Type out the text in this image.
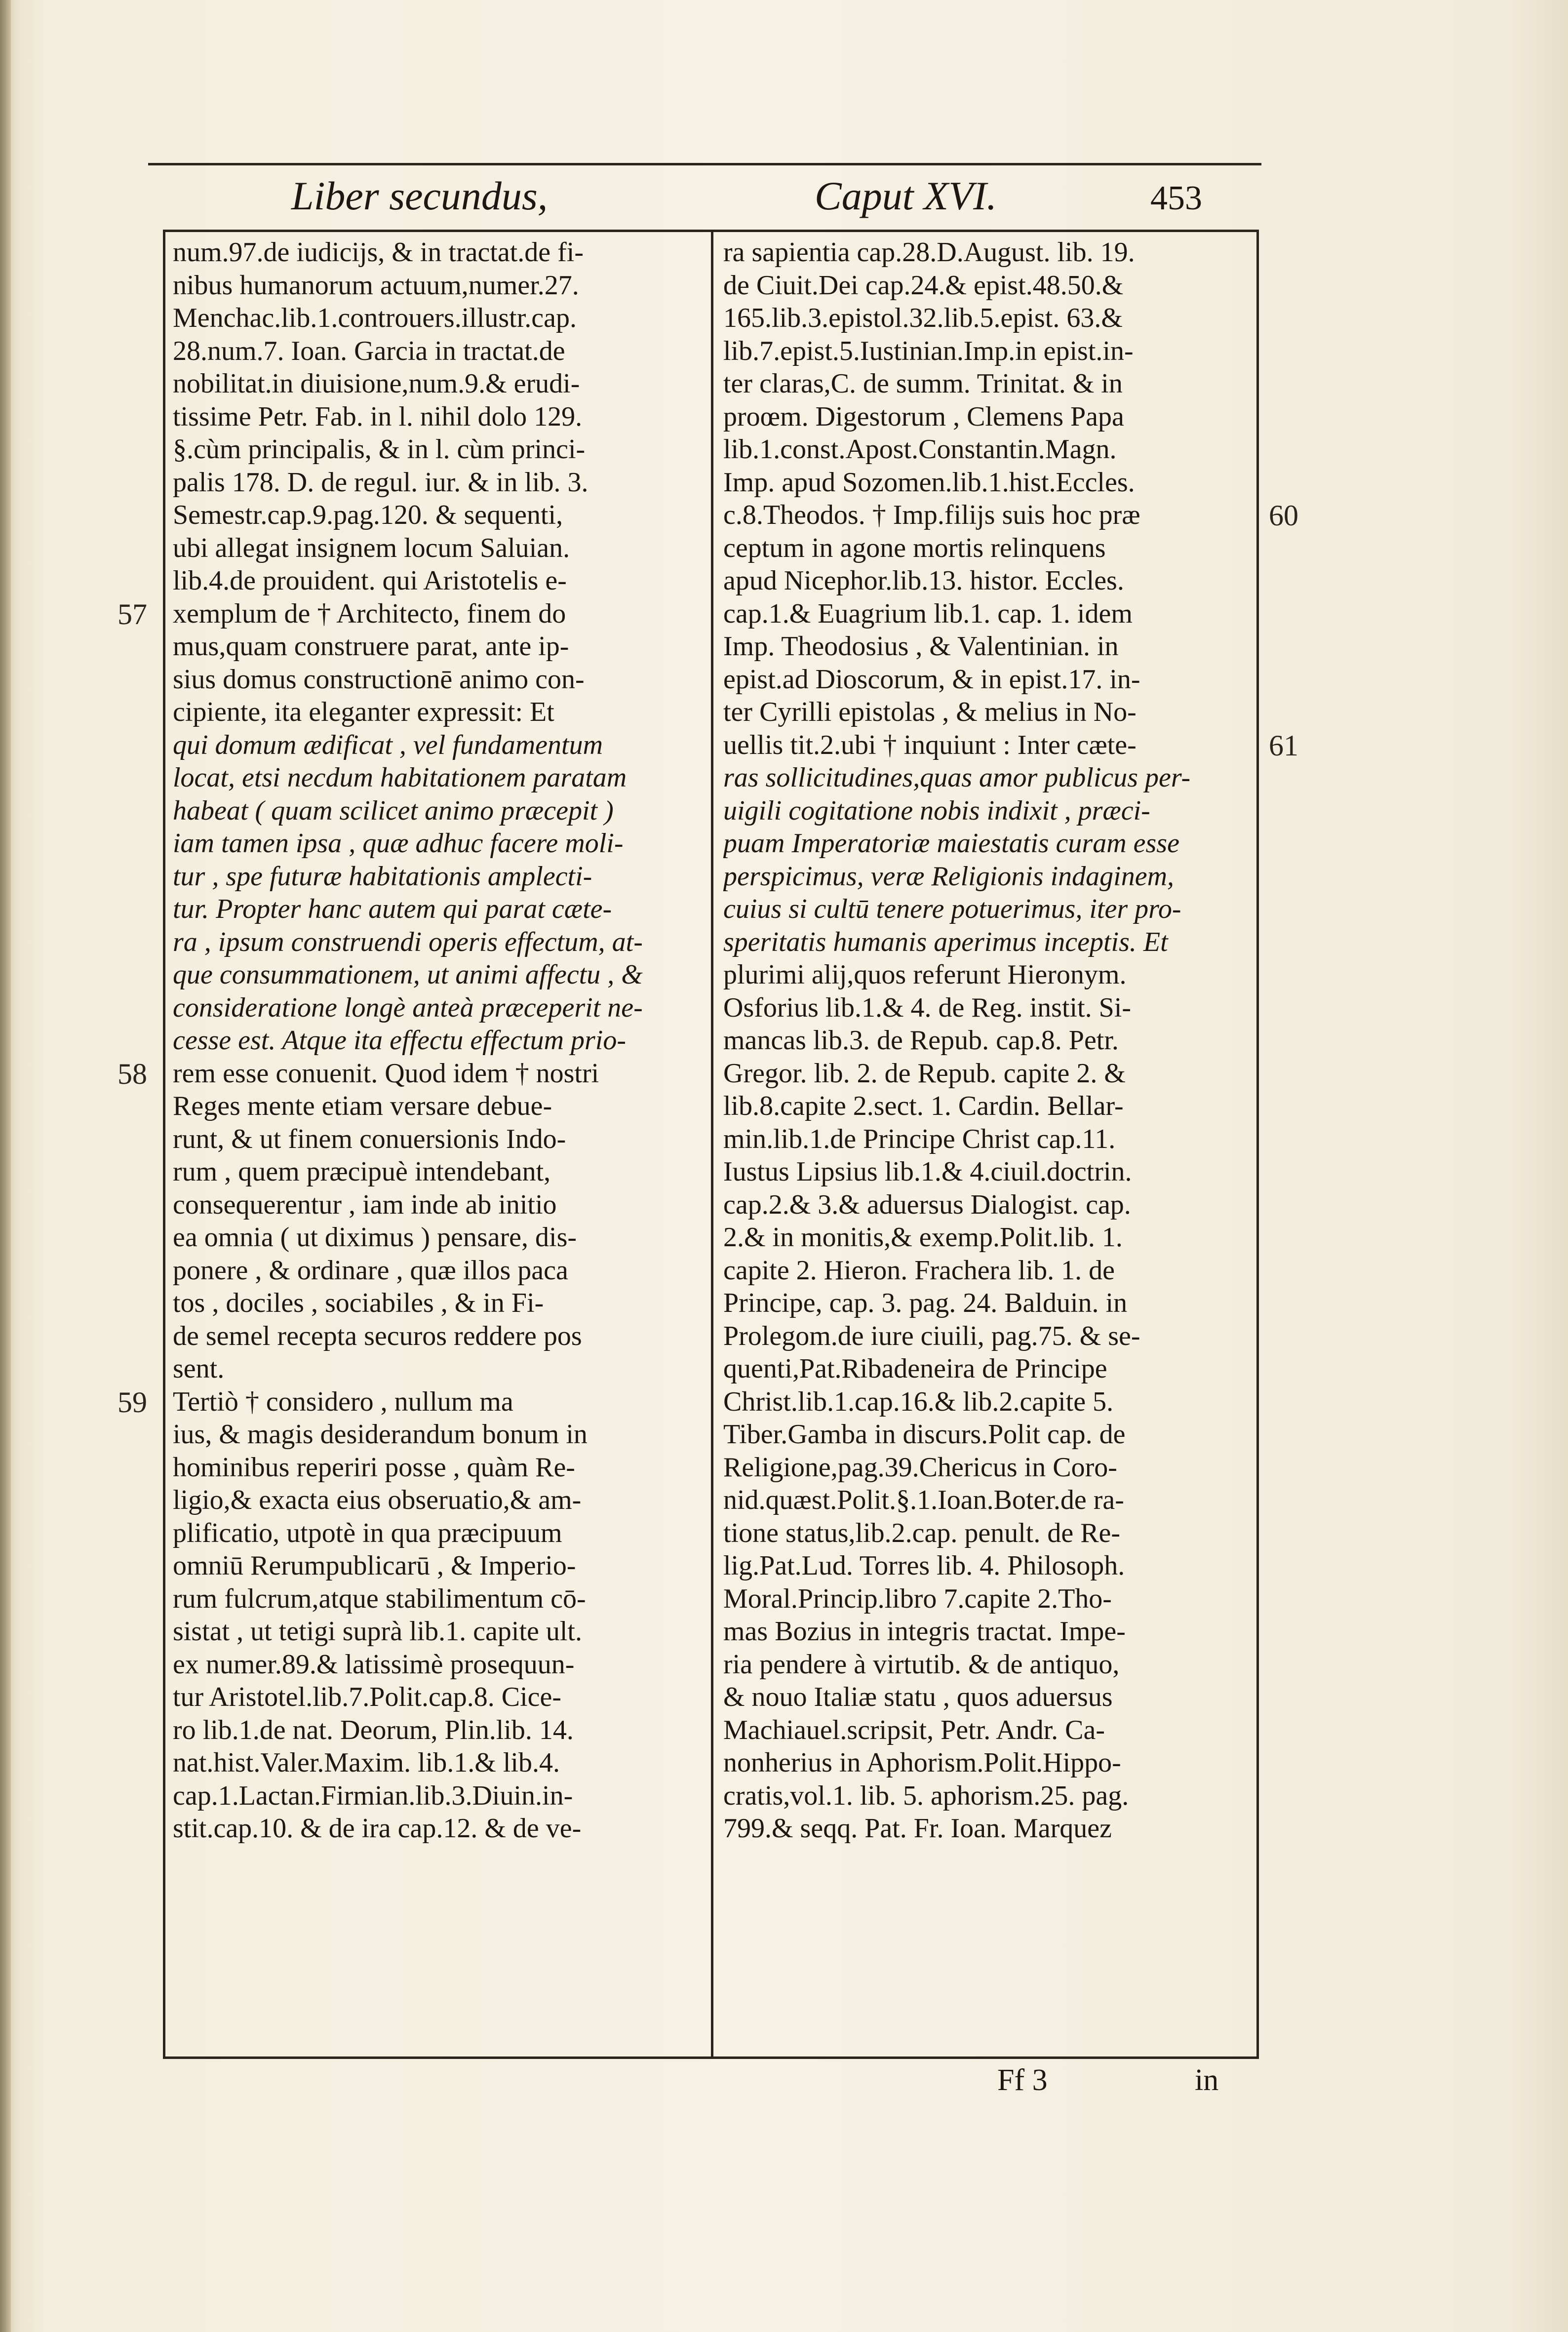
Liber secundus,	Caput XVI.	453
num.97.de iudicijs, & in tractat.de fi-
nibus humanorum actuum,numer.27.
Menchac.lib.1.controuers.illustr.cap.
28.num.7. Ioan. Garcia in tractat.de
nobilitat.in diuisione,num.9.& erudi-
tissime Petr. Fab. in l. nihil dolo 129.
§.cùm principalis, & in l. cùm princi-
palis 178. D. de regul. iur. & in lib. 3.
Semestr.cap.9.pag.120. & sequenti,
ubi allegat insignem locum Saluian.
lib.4.de prouident. qui Aristotelis e-
xemplum de † Architecto, finem do
mus,quam construere parat, ante ip-
sius domus constructionē animo con-
cipiente, ita eleganter expressit: Et
qui domum ædificat , vel fundamentum
locat, etsi necdum habitationem paratam
habeat ( quam scilicet animo præcepit )
iam tamen ipsa , quæ adhuc facere moli-
tur , spe futuræ habitationis amplecti-
tur. Propter hanc autem qui parat cæte-
ra , ipsum construendi operis effectum, at-
que consummationem, ut animi affectu , &
consideratione longè anteà præceperit ne-
cesse est. Atque ita effectu effectum prio-
rem esse conuenit. Quod idem † nostri
Reges mente etiam versare debue-
runt, & ut finem conuersionis Indo-
rum , quem præcipuè intendebant,
consequerentur , iam inde ab initio
ea omnia ( ut diximus ) pensare, dis-
ponere , & ordinare , quæ illos paca
tos , dociles , sociabiles , & in Fi-
de semel recepta securos reddere pos
sent.
Tertiò † considero , nullum ma
ius, & magis desiderandum bonum in
hominibus reperiri posse , quàm Re-
ligio,& exacta eius obseruatio,& am-
plificatio, utpotè in qua præcipuum
omniū Rerumpublicarū , & Imperio-
rum fulcrum,atque stabilimentum cō-
sistat , ut tetigi suprà lib.1. capite ult.
ex numer.89.& latissimè prosequun-
tur Aristotel.lib.7.Polit.cap.8. Cice-
ro lib.1.de nat. Deorum, Plin.lib. 14.
nat.hist.Valer.Maxim. lib.1.& lib.4.
cap.1.Lactan.Firmian.lib.3.Diuin.in-
stit.cap.10. & de ira cap.12. & de ve-
ra sapientia cap.28.D.August. lib. 19.
de Ciuit.Dei cap.24.& epist.48.50.&
165.lib.3.epistol.32.lib.5.epist. 63.&
lib.7.epist.5.Iustinian.Imp.in epist.in-
ter claras,C. de summ. Trinitat. & in
proœm. Digestorum , Clemens Papa
lib.1.const.Apost.Constantin.Magn.
Imp. apud Sozomen.lib.1.hist.Eccles.
c.8.Theodos. † Imp.filijs suis hoc præ
ceptum in agone mortis relinquens
apud Nicephor.lib.13. histor. Eccles.
cap.1.& Euagrium lib.1. cap. 1. idem
Imp. Theodosius , & Valentinian. in
epist.ad Dioscorum, & in epist.17. in-
ter Cyrilli epistolas , & melius in No-
uellis tit.2.ubi † inquiunt : Inter cæte-
ras sollicitudines,quas amor publicus per-
uigili cogitatione nobis indixit , præci-
puam Imperatoriæ maiestatis curam esse
perspicimus, veræ Religionis indaginem,
cuius si cultū tenere potuerimus, iter pro-
speritatis humanis aperimus inceptis. Et
plurimi alij,quos referunt Hieronym.
Osforius lib.1.& 4. de Reg. instit. Si-
mancas lib.3. de Repub. cap.8. Petr.
Gregor. lib. 2. de Repub. capite 2. &
lib.8.capite 2.sect. 1. Cardin. Bellar-
min.lib.1.de Principe Christ cap.11.
Iustus Lipsius lib.1.& 4.ciuil.doctrin.
cap.2.& 3.& aduersus Dialogist. cap.
2.& in monitis,& exemp.Polit.lib. 1.
capite 2. Hieron. Frachera lib. 1. de
Principe, cap. 3. pag. 24. Balduin. in
Prolegom.de iure ciuili, pag.75. & se-
quenti,Pat.Ribadeneira de Principe
Christ.lib.1.cap.16.& lib.2.capite 5.
Tiber.Gamba in discurs.Polit cap. de
Religione,pag.39.Chericus in Coro-
nid.quæst.Polit.§.1.Ioan.Boter.de ra-
tione status,lib.2.cap. penult. de Re-
lig.Pat.Lud. Torres lib. 4. Philosoph.
Moral.Princip.libro 7.capite 2.Tho-
mas Bozius in integris tractat. Impe-
ria pendere à virtutib. & de antiquo,
& nouo Italiæ statu , quos aduersus
Machiauel.scripsit, Petr. Andr. Ca-
nonherius in Aphorism.Polit.Hippo-
cratis,vol.1. lib. 5. aphorism.25. pag.
799.& seqq. Pat. Fr. Ioan. Marquez
57
58
59
60
61
Ff 3	in
